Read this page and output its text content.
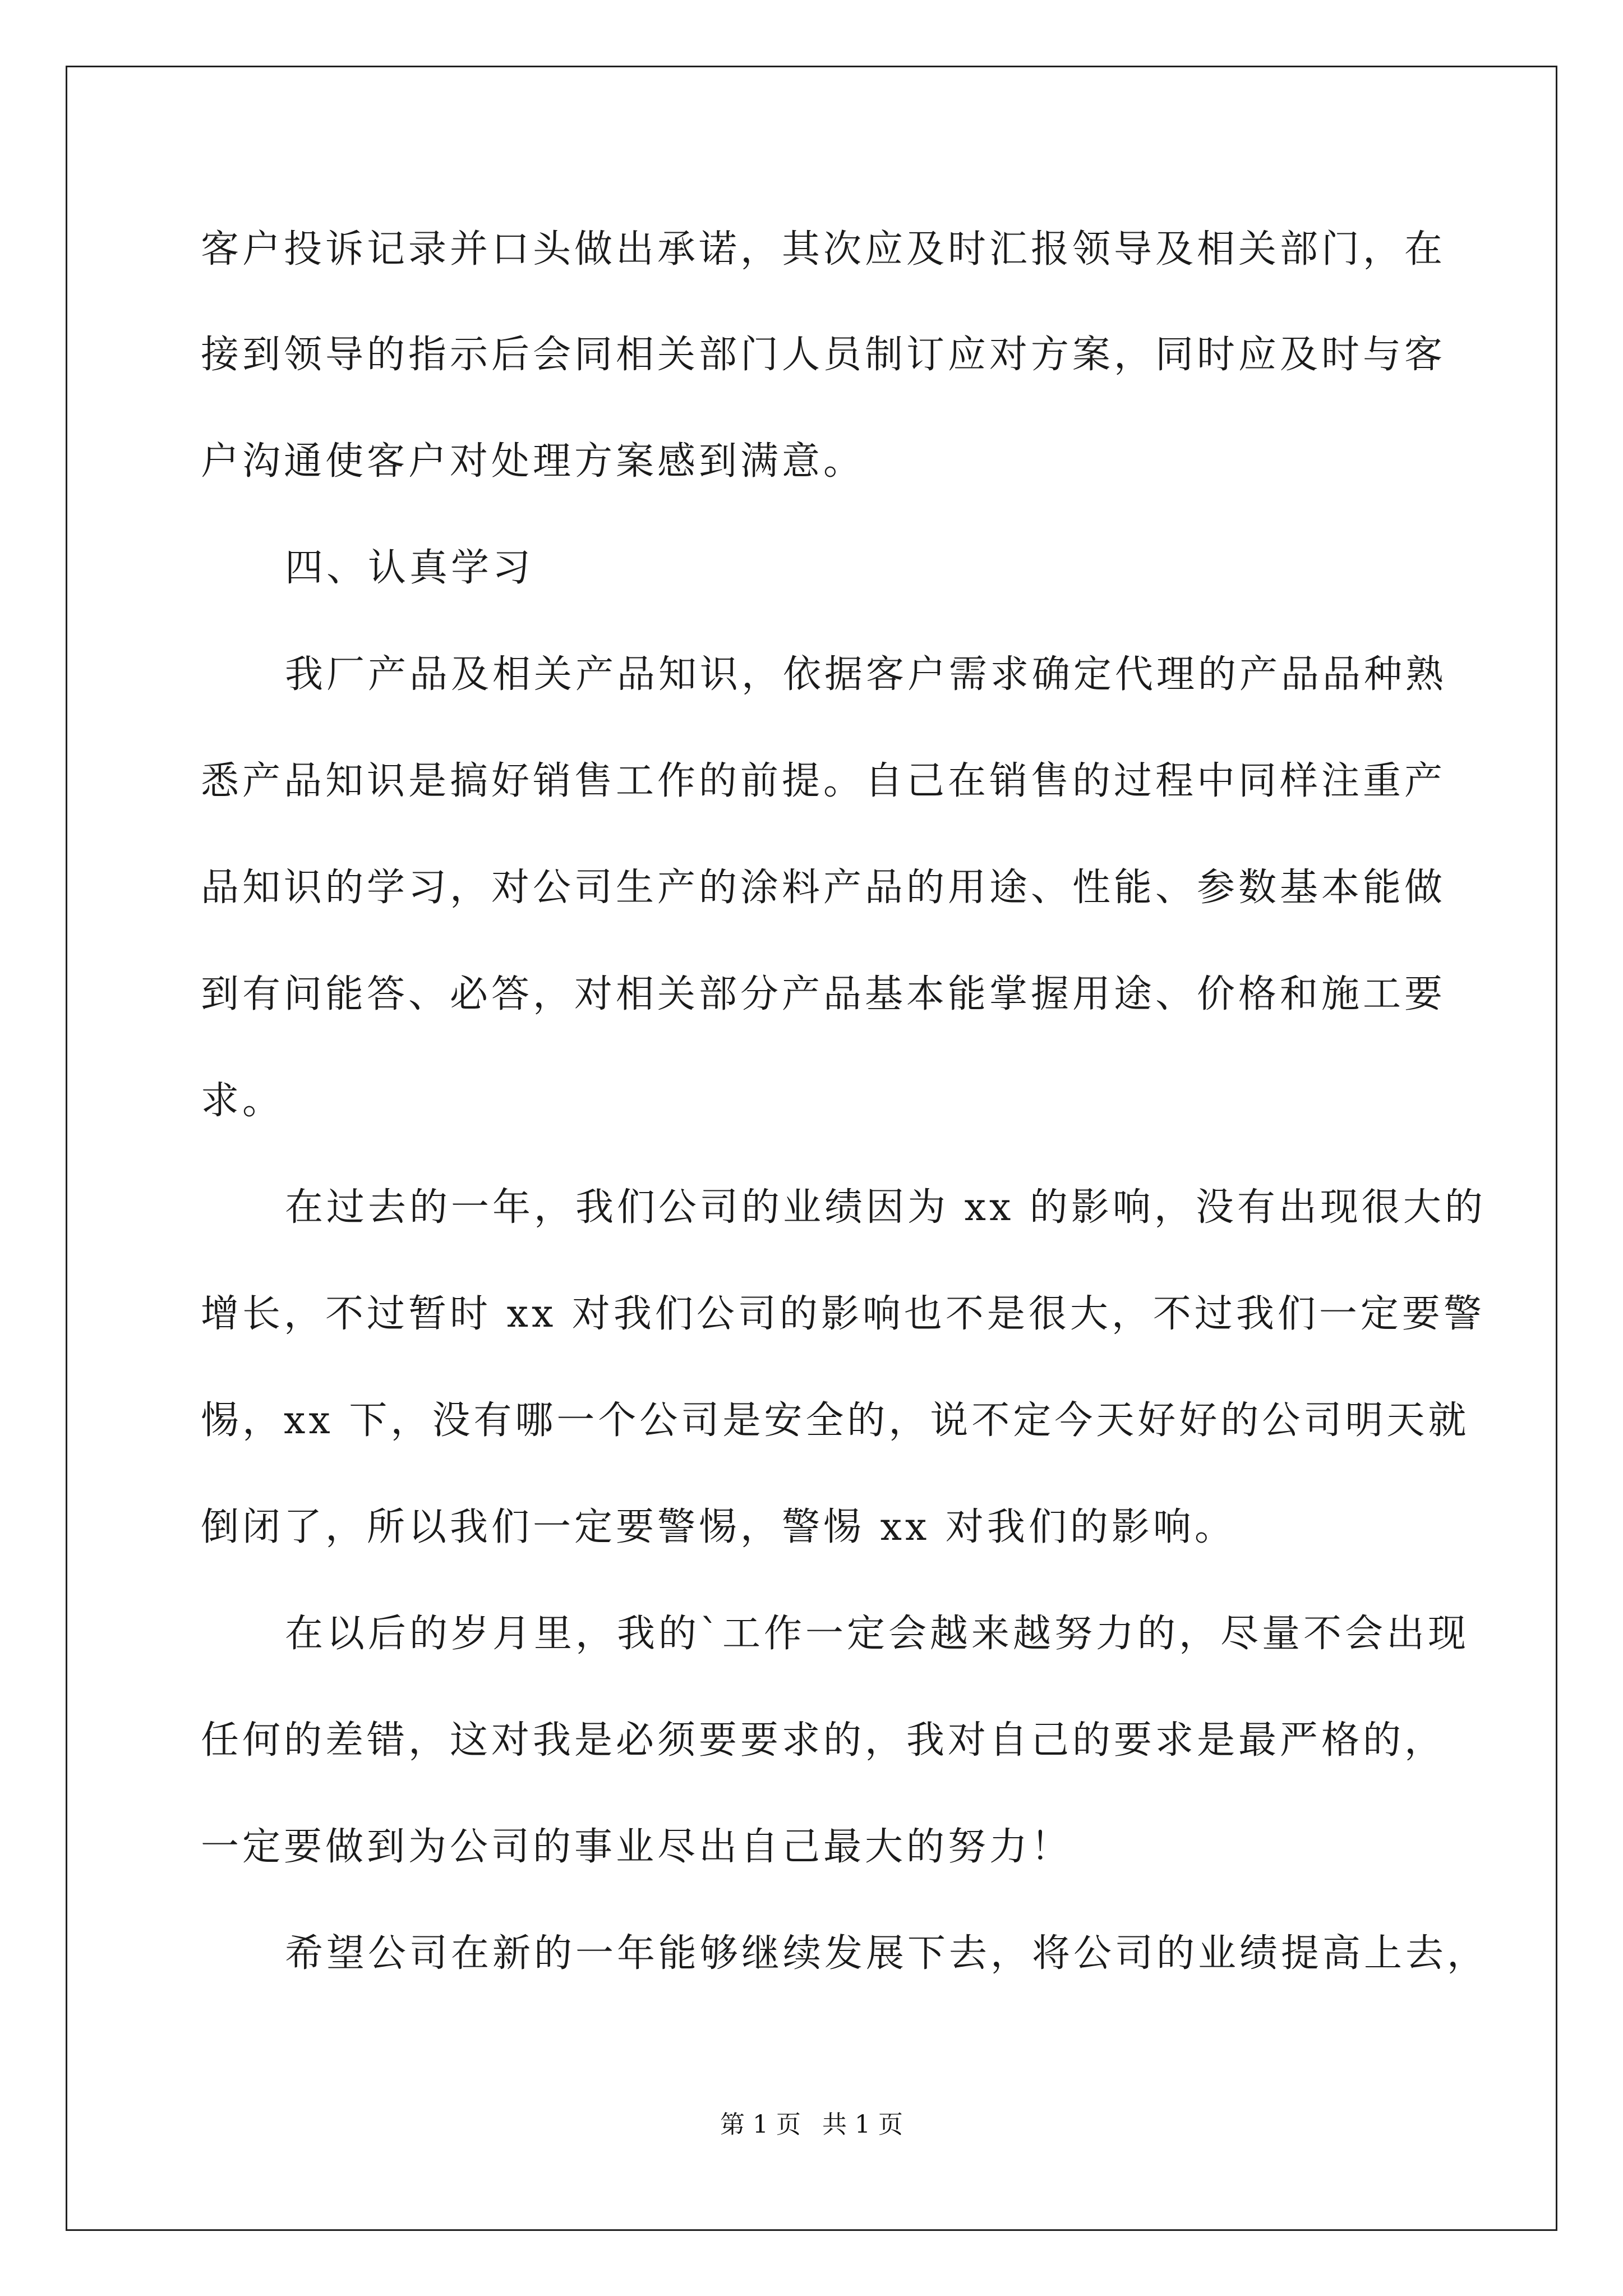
客户投诉记录并口头做出承诺，其次应及时汇报领导及相关部门，在
接到领导的指示后会同相关部门人员制订应对方案，同时应及时与客
户沟通使客户对处理方案感到满意。
四、认真学习
我厂产品及相关产品知识，依据客户需求确定代理的产品品种熟
悉产品知识是搞好销售工作的前提。自己在销售的过程中同样注重产
品知识的学习，对公司生产的涂料产品的用途、性能、参数基本能做
到有问能答、必答，对相关部分产品基本能掌握用途、价格和施工要
求。
在过去的一年，我们公司的业绩因为 xx 的影响，没有出现很大的
增长，不过暂时 xx 对我们公司的影响也不是很大，不过我们一定要警
惕，xx 下，没有哪一个公司是安全的，说不定今天好好的公司明天就
倒闭了，所以我们一定要警惕，警惕 xx 对我们的影响。
在以后的岁月里，我的`工作一定会越来越努力的，尽量不会出现
任何的差错，这对我是必须要要求的，我对自己的要求是最严格的，
一定要做到为公司的事业尽出自己最大的努力！
希望公司在新的一年能够继续发展下去，将公司的业绩提高上去，
第 1 页 共 1 页
